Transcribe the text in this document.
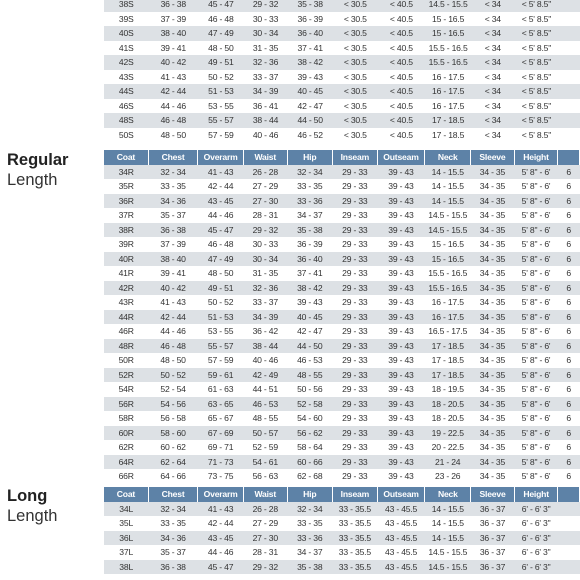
38S	36 - 38	45 - 47	29 - 32	35 - 38	< 30.5	< 40.5	14.5 - 15.5	< 34	< 5' 8.5"	
39S	37 - 39	46 - 48	30 - 33	36 - 39	< 30.5	< 40.5	15 - 16.5	< 34	< 5' 8.5"	
40S	38 - 40	47 - 49	30 - 34	36 - 40	< 30.5	< 40.5	15 - 16.5	< 34	< 5' 8.5"	
41S	39 - 41	48 - 50	31 - 35	37 - 41	< 30.5	< 40.5	15.5 - 16.5	< 34	< 5' 8.5"	
42S	40 - 42	49 - 51	32 - 36	38 - 42	< 30.5	< 40.5	15.5 - 16.5	< 34	< 5' 8.5"	
43S	41 - 43	50 - 52	33 - 37	39 - 43	< 30.5	< 40.5	16 - 17.5	< 34	< 5' 8.5"	
44S	42 - 44	51 - 53	34 - 39	40 - 45	< 30.5	< 40.5	16 - 17.5	< 34	< 5' 8.5"	
46S	44 - 46	53 - 55	36 - 41	42 - 47	< 30.5	< 40.5	16 - 17.5	< 34	< 5' 8.5"	
48S	46 - 48	55 - 57	38 - 44	44 - 50	< 30.5	< 40.5	17 - 18.5	< 34	< 5' 8.5"	
50S	48 - 50	57 - 59	40 - 46	46 - 52	< 30.5	< 40.5	17 - 18.5	< 34	< 5' 8.5"	
Regular
Length
Coat	Chest	Overarm	Waist	Hip	Inseam	Outseam	Neck	Sleeve	Height	
34R	32 - 34	41 - 43	26 - 28	32 - 34	29 - 33	39 - 43	14 - 15.5	34 - 35	5' 8" - 6'	6
35R	33 - 35	42 - 44	27 - 29	33 - 35	29 - 33	39 - 43	14 - 15.5	34 - 35	5' 8" - 6'	6
36R	34 - 36	43 - 45	27 - 30	33 - 36	29 - 33	39 - 43	14 - 15.5	34 - 35	5' 8" - 6'	6
37R	35 - 37	44 - 46	28 - 31	34 - 37	29 - 33	39 - 43	14.5 - 15.5	34 - 35	5' 8" - 6'	6
38R	36 - 38	45 - 47	29 - 32	35 - 38	29 - 33	39 - 43	14.5 - 15.5	34 - 35	5' 8" - 6'	6
39R	37 - 39	46 - 48	30 - 33	36 - 39	29 - 33	39 - 43	15 - 16.5	34 - 35	5' 8" - 6'	6
40R	38 - 40	47 - 49	30 - 34	36 - 40	29 - 33	39 - 43	15 - 16.5	34 - 35	5' 8" - 6'	6
41R	39 - 41	48 - 50	31 - 35	37 - 41	29 - 33	39 - 43	15.5 - 16.5	34 - 35	5' 8" - 6'	6
42R	40 - 42	49 - 51	32 - 36	38 - 42	29 - 33	39 - 43	15.5 - 16.5	34 - 35	5' 8" - 6'	6
43R	41 - 43	50 - 52	33 - 37	39 - 43	29 - 33	39 - 43	16 - 17.5	34 - 35	5' 8" - 6'	6
44R	42 - 44	51 - 53	34 - 39	40 - 45	29 - 33	39 - 43	16 - 17.5	34 - 35	5' 8" - 6'	6
46R	44 - 46	53 - 55	36 - 42	42 - 47	29 - 33	39 - 43	16.5 - 17.5	34 - 35	5' 8" - 6'	6
48R	46 - 48	55 - 57	38 - 44	44 - 50	29 - 33	39 - 43	17 - 18.5	34 - 35	5' 8" - 6'	6
50R	48 - 50	57 - 59	40 - 46	46 - 53	29 - 33	39 - 43	17 - 18.5	34 - 35	5' 8" - 6'	6
52R	50 - 52	59 - 61	42 - 49	48 - 55	29 - 33	39 - 43	17 - 18.5	34 - 35	5' 8" - 6'	6
54R	52 - 54	61 - 63	44 - 51	50 - 56	29 - 33	39 - 43	18 - 19.5	34 - 35	5' 8" - 6'	6
56R	54 - 56	63 - 65	46 - 53	52 - 58	29 - 33	39 - 43	18 - 20.5	34 - 35	5' 8" - 6'	6
58R	56 - 58	65 - 67	48 - 55	54 - 60	29 - 33	39 - 43	18 - 20.5	34 - 35	5' 8" - 6'	6
60R	58 - 60	67 - 69	50 - 57	56 - 62	29 - 33	39 - 43	19 - 22.5	34 - 35	5' 8" - 6'	6
62R	60 - 62	69 - 71	52 - 59	58 - 64	29 - 33	39 - 43	20 - 22.5	34 - 35	5' 8" - 6'	6
64R	62 - 64	71 - 73	54 - 61	60 - 66	29 - 33	39 - 43	21 - 24	34 - 35	5' 8" - 6'	6
66R	64 - 66	73 - 75	56 - 63	62 - 68	29 - 33	39 - 43	23 - 26	34 - 35	5' 8" - 6'	6
Long
Length
Coat	Chest	Overarm	Waist	Hip	Inseam	Outseam	Neck	Sleeve	Height	
34L	32 - 34	41 - 43	26 - 28	32 - 34	33 - 35.5	43 - 45.5	14 - 15.5	36 - 37	6' - 6' 3"	
35L	33 - 35	42 - 44	27 - 29	33 - 35	33 - 35.5	43 - 45.5	14 - 15.5	36 - 37	6' - 6' 3"	
36L	34 - 36	43 - 45	27 - 30	33 - 36	33 - 35.5	43 - 45.5	14 - 15.5	36 - 37	6' - 6' 3"	
37L	35 - 37	44 - 46	28 - 31	34 - 37	33 - 35.5	43 - 45.5	14.5 - 15.5	36 - 37	6' - 6' 3"	
38L	36 - 38	45 - 47	29 - 32	35 - 38	33 - 35.5	43 - 45.5	14.5 - 15.5	36 - 37	6' - 6' 3"	
